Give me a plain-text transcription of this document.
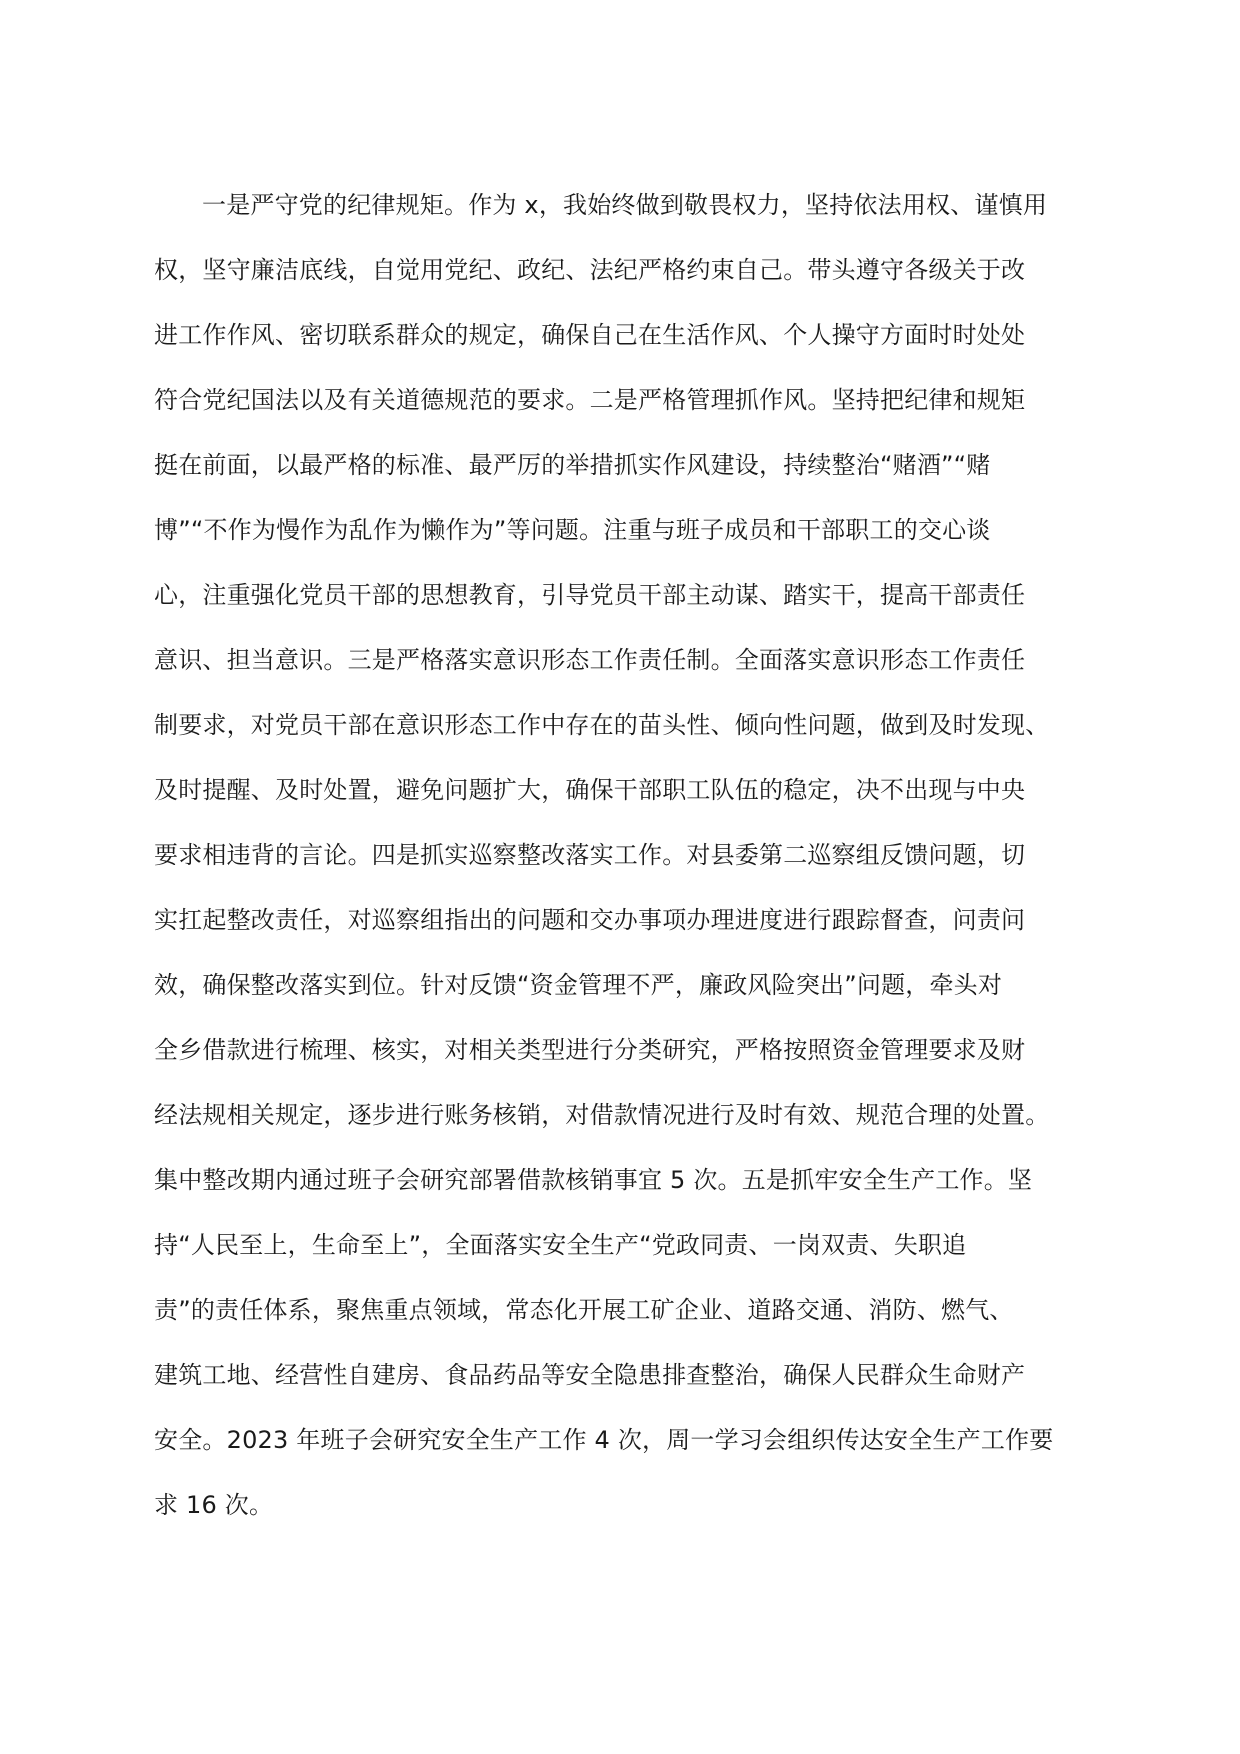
一是严守党的纪律规矩。作为 x，我始终做到敬畏权力，坚持依法用权、谨慎用
权，坚守廉洁底线，自觉用党纪、政纪、法纪严格约束自己。带头遵守各级关于改
进工作作风、密切联系群众的规定，确保自己在生活作风、个人操守方面时时处处
符合党纪国法以及有关道德规范的要求。二是严格管理抓作风。坚持把纪律和规矩
挺在前面，以最严格的标准、最严厉的举措抓实作风建设，持续整治“赌酒”“赌
博”“不作为慢作为乱作为懒作为”等问题。注重与班子成员和干部职工的交心谈
心，注重强化党员干部的思想教育，引导党员干部主动谋、踏实干，提高干部责任
意识、担当意识。三是严格落实意识形态工作责任制。全面落实意识形态工作责任
制要求，对党员干部在意识形态工作中存在的苗头性、倾向性问题，做到及时发现、
及时提醒、及时处置，避免问题扩大，确保干部职工队伍的稳定，决不出现与中央
要求相违背的言论。四是抓实巡察整改落实工作。对县委第二巡察组反馈问题，切
实扛起整改责任，对巡察组指出的问题和交办事项办理进度进行跟踪督查，问责问
效，确保整改落实到位。针对反馈“资金管理不严，廉政风险突出”问题，牵头对
全乡借款进行梳理、核实，对相关类型进行分类研究，严格按照资金管理要求及财
经法规相关规定，逐步进行账务核销，对借款情况进行及时有效、规范合理的处置。
集中整改期内通过班子会研究部署借款核销事宜 5 次。五是抓牢安全生产工作。坚
持“人民至上，生命至上”，全面落实安全生产“党政同责、一岗双责、失职追
责”的责任体系，聚焦重点领域，常态化开展工矿企业、道路交通、消防、燃气、
建筑工地、经营性自建房、食品药品等安全隐患排查整治，确保人民群众生命财产
安全。2023 年班子会研究安全生产工作 4 次，周一学习会组织传达安全生产工作要
求 16 次。
